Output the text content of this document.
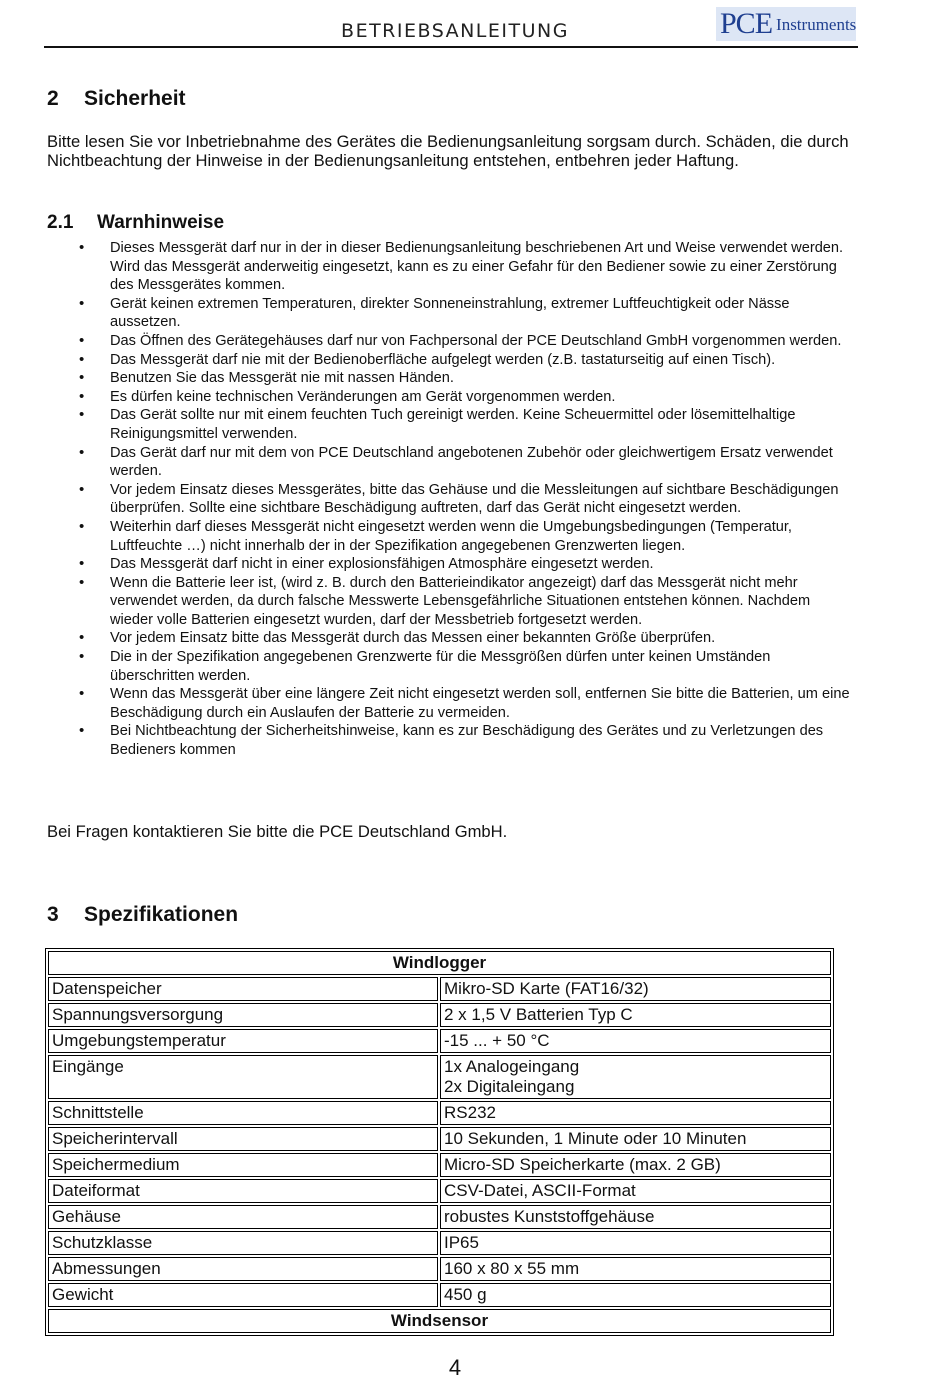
BETRIEBSANLEITUNG	PCE Instruments
2 Sicherheit
Bitte lesen Sie vor Inbetriebnahme des Gerätes die Bedienungsanleitung sorgsam durch. Schäden, die durch Nichtbeachtung der Hinweise in der Bedienungsanleitung entstehen, entbehren jeder Haftung.
2.1 Warnhinweise
• Dieses Messgerät darf nur in der in dieser Bedienungsanleitung beschriebenen Art und Weise verwendet werden. Wird das Messgerät anderweitig eingesetzt, kann es zu einer Gefahr für den Bediener sowie zu einer Zerstörung des Messgerätes kommen.
• Gerät keinen extremen Temperaturen, direkter Sonneneinstrahlung, extremer Luftfeuchtigkeit oder Nässe aussetzen.
• Das Öffnen des Gerätegehäuses darf nur von Fachpersonal der PCE Deutschland GmbH vorgenommen werden.
• Das Messgerät darf nie mit der Bedienoberfläche aufgelegt werden (z.B. tastaturseitig auf einen Tisch).
• Benutzen Sie das Messgerät nie mit nassen Händen.
• Es dürfen keine technischen Veränderungen am Gerät vorgenommen werden.
• Das Gerät sollte nur mit einem feuchten Tuch gereinigt werden. Keine Scheuermittel oder lösemittelhaltige Reinigungsmittel verwenden.
• Das Gerät darf nur mit dem von PCE Deutschland angebotenen Zubehör oder gleichwertigem Ersatz verwendet werden.
• Vor jedem Einsatz dieses Messgerätes, bitte das Gehäuse und die Messleitungen auf sichtbare Beschädigungen überprüfen. Sollte eine sichtbare Beschädigung auftreten, darf das Gerät nicht eingesetzt werden.
• Weiterhin darf dieses Messgerät nicht eingesetzt werden wenn die Umgebungsbedingungen (Temperatur, Luftfeuchte …) nicht innerhalb der in der Spezifikation angegebenen Grenzwerten liegen.
• Das Messgerät darf nicht in einer explosionsfähigen Atmosphäre eingesetzt werden.
• Wenn die Batterie leer ist, (wird z. B. durch den Batterieindikator angezeigt) darf das Messgerät nicht mehr verwendet werden, da durch falsche Messwerte Lebensgefährliche Situationen entstehen können. Nachdem wieder volle Batterien eingesetzt wurden, darf der Messbetrieb fortgesetzt werden.
• Vor jedem Einsatz bitte das Messgerät durch das Messen einer bekannten Größe überprüfen.
• Die in der Spezifikation angegebenen Grenzwerte für die Messgrößen dürfen unter keinen Umständen überschritten werden.
• Wenn das Messgerät über eine längere Zeit nicht eingesetzt werden soll, entfernen Sie bitte die Batterien, um eine Beschädigung durch ein Auslaufen der Batterie zu vermeiden.
• Bei Nichtbeachtung der Sicherheitshinweise, kann es zur Beschädigung des Gerätes und zu Verletzungen des Bedieners kommen
Bei Fragen kontaktieren Sie bitte die PCE Deutschland GmbH.
3 Spezifikationen
Windlogger	
Datenspeicher	Mikro-SD Karte (FAT16/32)
Spannungsversorgung	2 x 1,5 V Batterien Typ C
Umgebungstemperatur	-15 ... + 50 °C
Eingänge	1x Analogeingang
2x Digitaleingang
Schnittstelle	RS232
Speicherintervall	10 Sekunden, 1 Minute oder 10 Minuten
Speichermedium	Micro-SD Speicherkarte (max. 2 GB)
Dateiformat	CSV-Datei, ASCII-Format
Gehäuse	robustes Kunststoffgehäuse
Schutzklasse	IP65
Abmessungen	160 x 80 x 55 mm
Gewicht	450 g
Windsensor	
4
